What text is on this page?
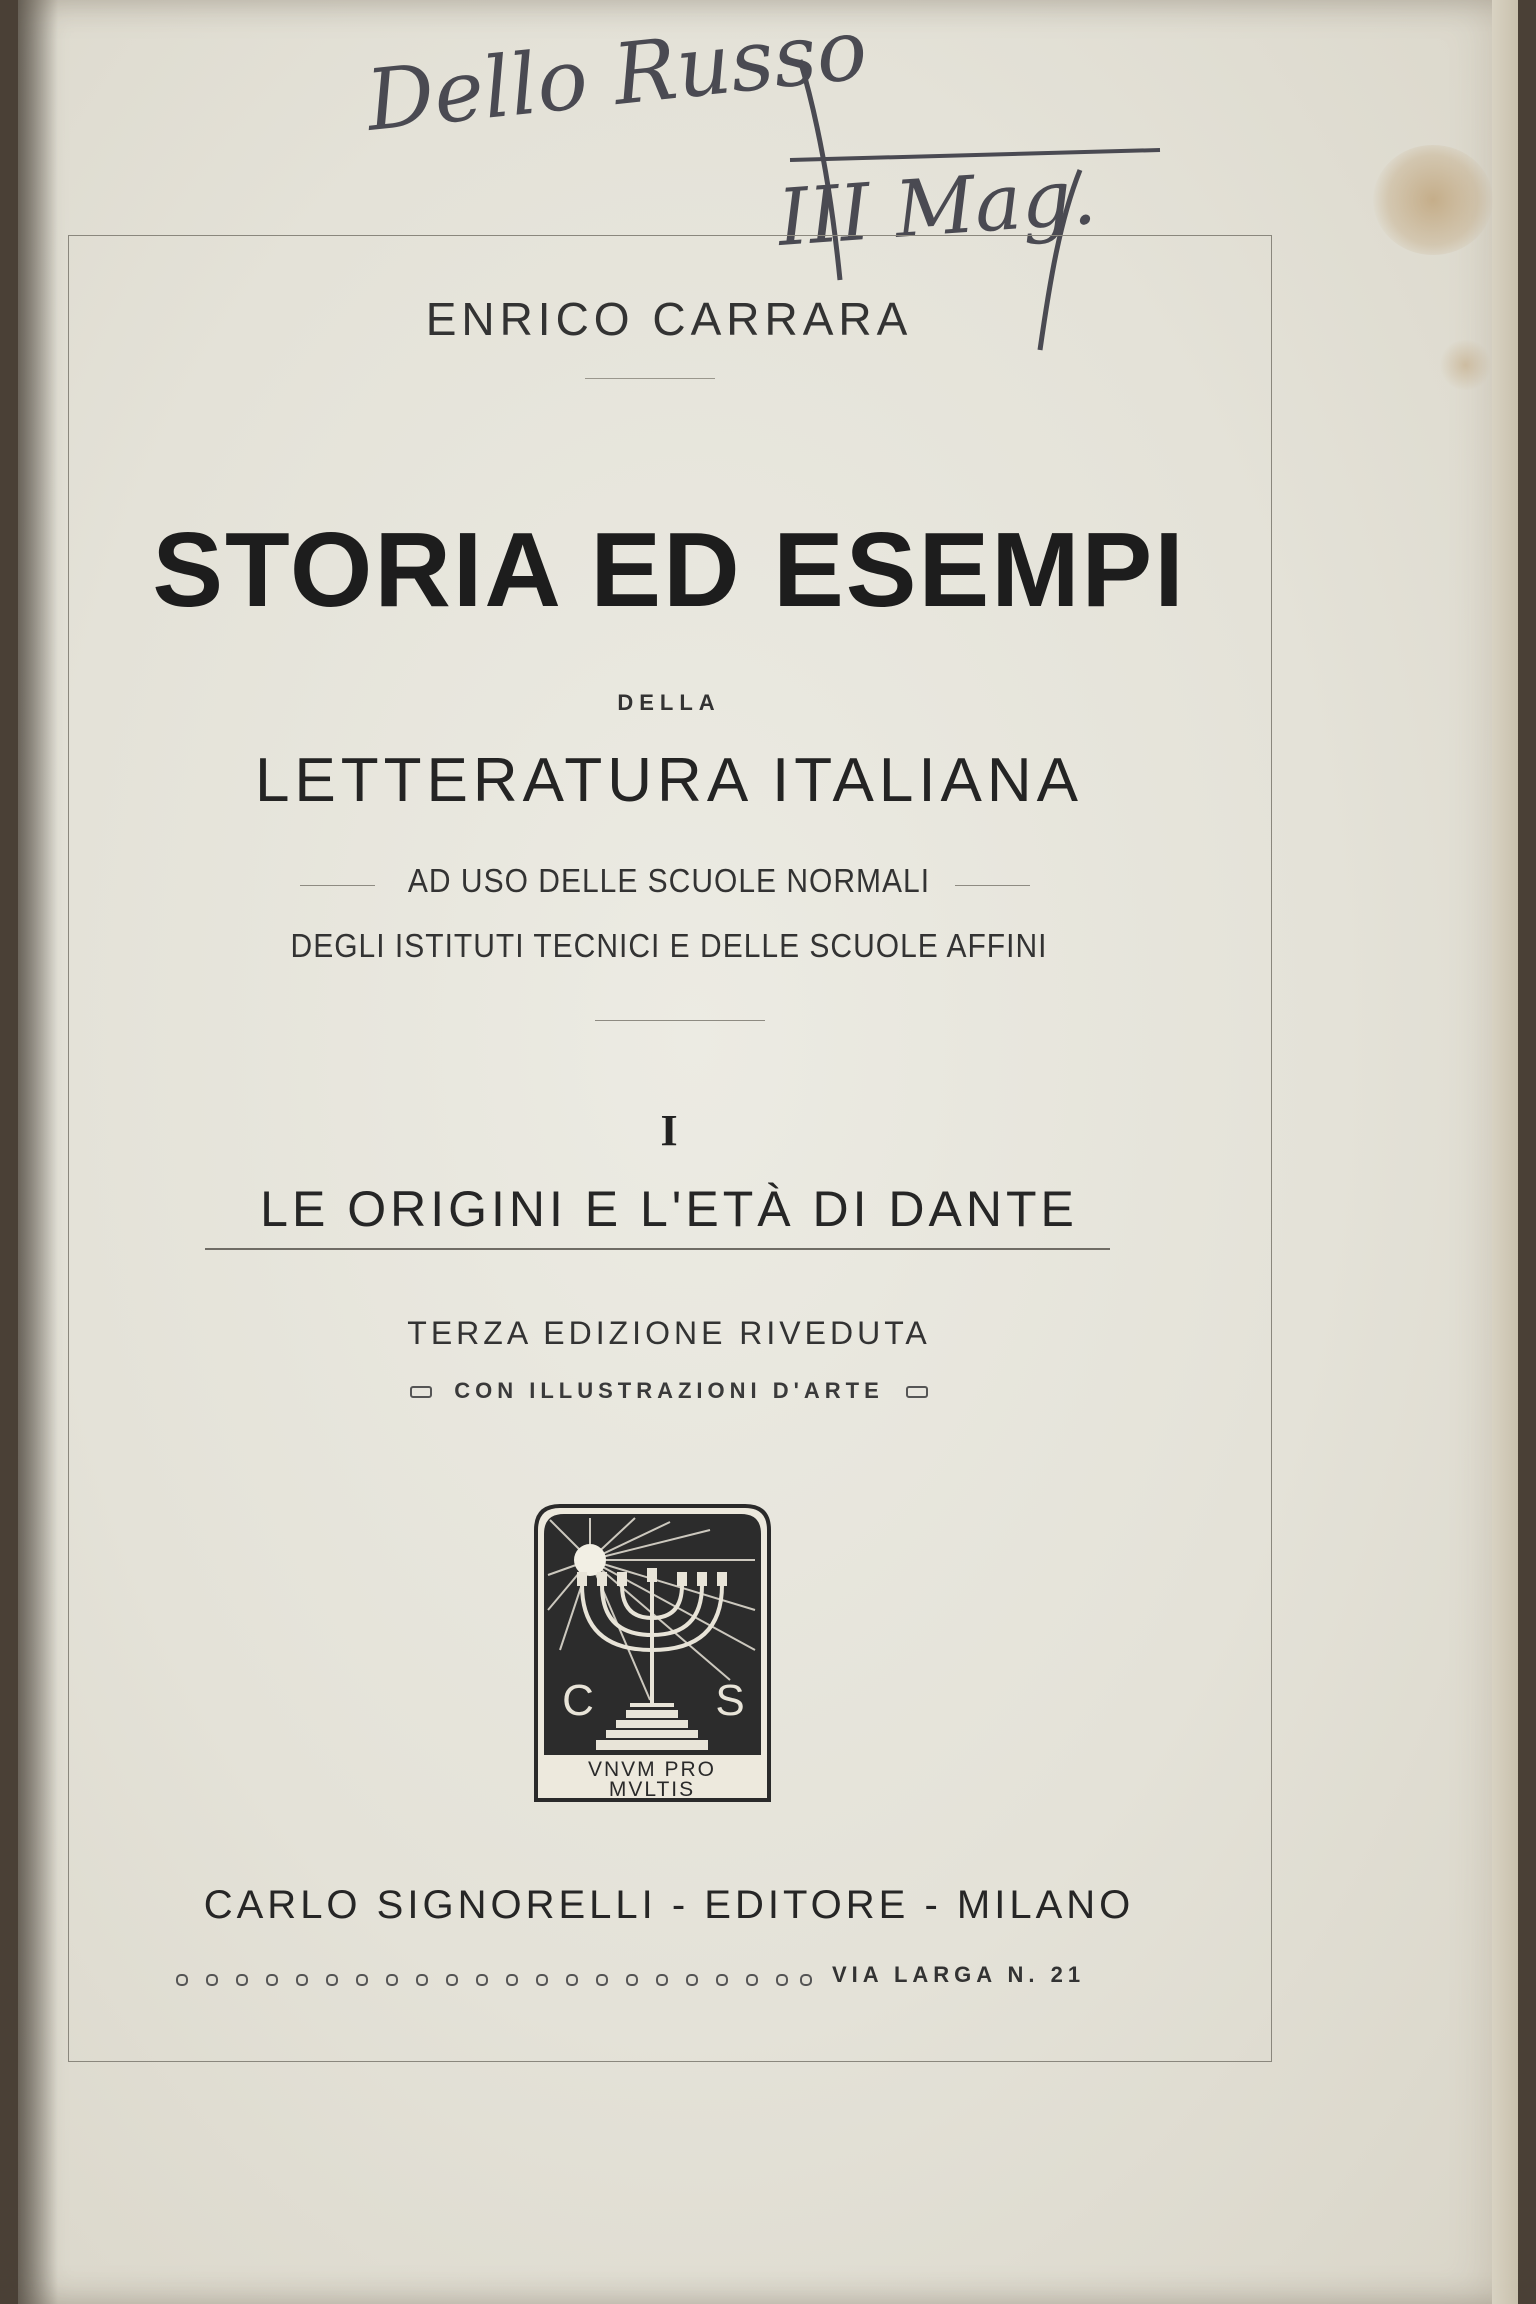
Dello Russo
III Mag.

ENRICO CARRARA

STORIA ED ESEMPI

DELLA

LETTERATURA ITALIANA

AD USO DELLE SCUOLE NORMALI

DEGLI ISTITUTI TECNICI E DELLE SCUOLE AFFINI

I

LE ORIGINI E L'ETÀ DI DANTE

TERZA EDIZIONE RIVEDUTA

CON ILLUSTRAZIONI D'ARTE

C	S
VNVM PRO
MVLTIS

CARLO SIGNORELLI - EDITORE - MILANO

VIA LARGA N. 21
